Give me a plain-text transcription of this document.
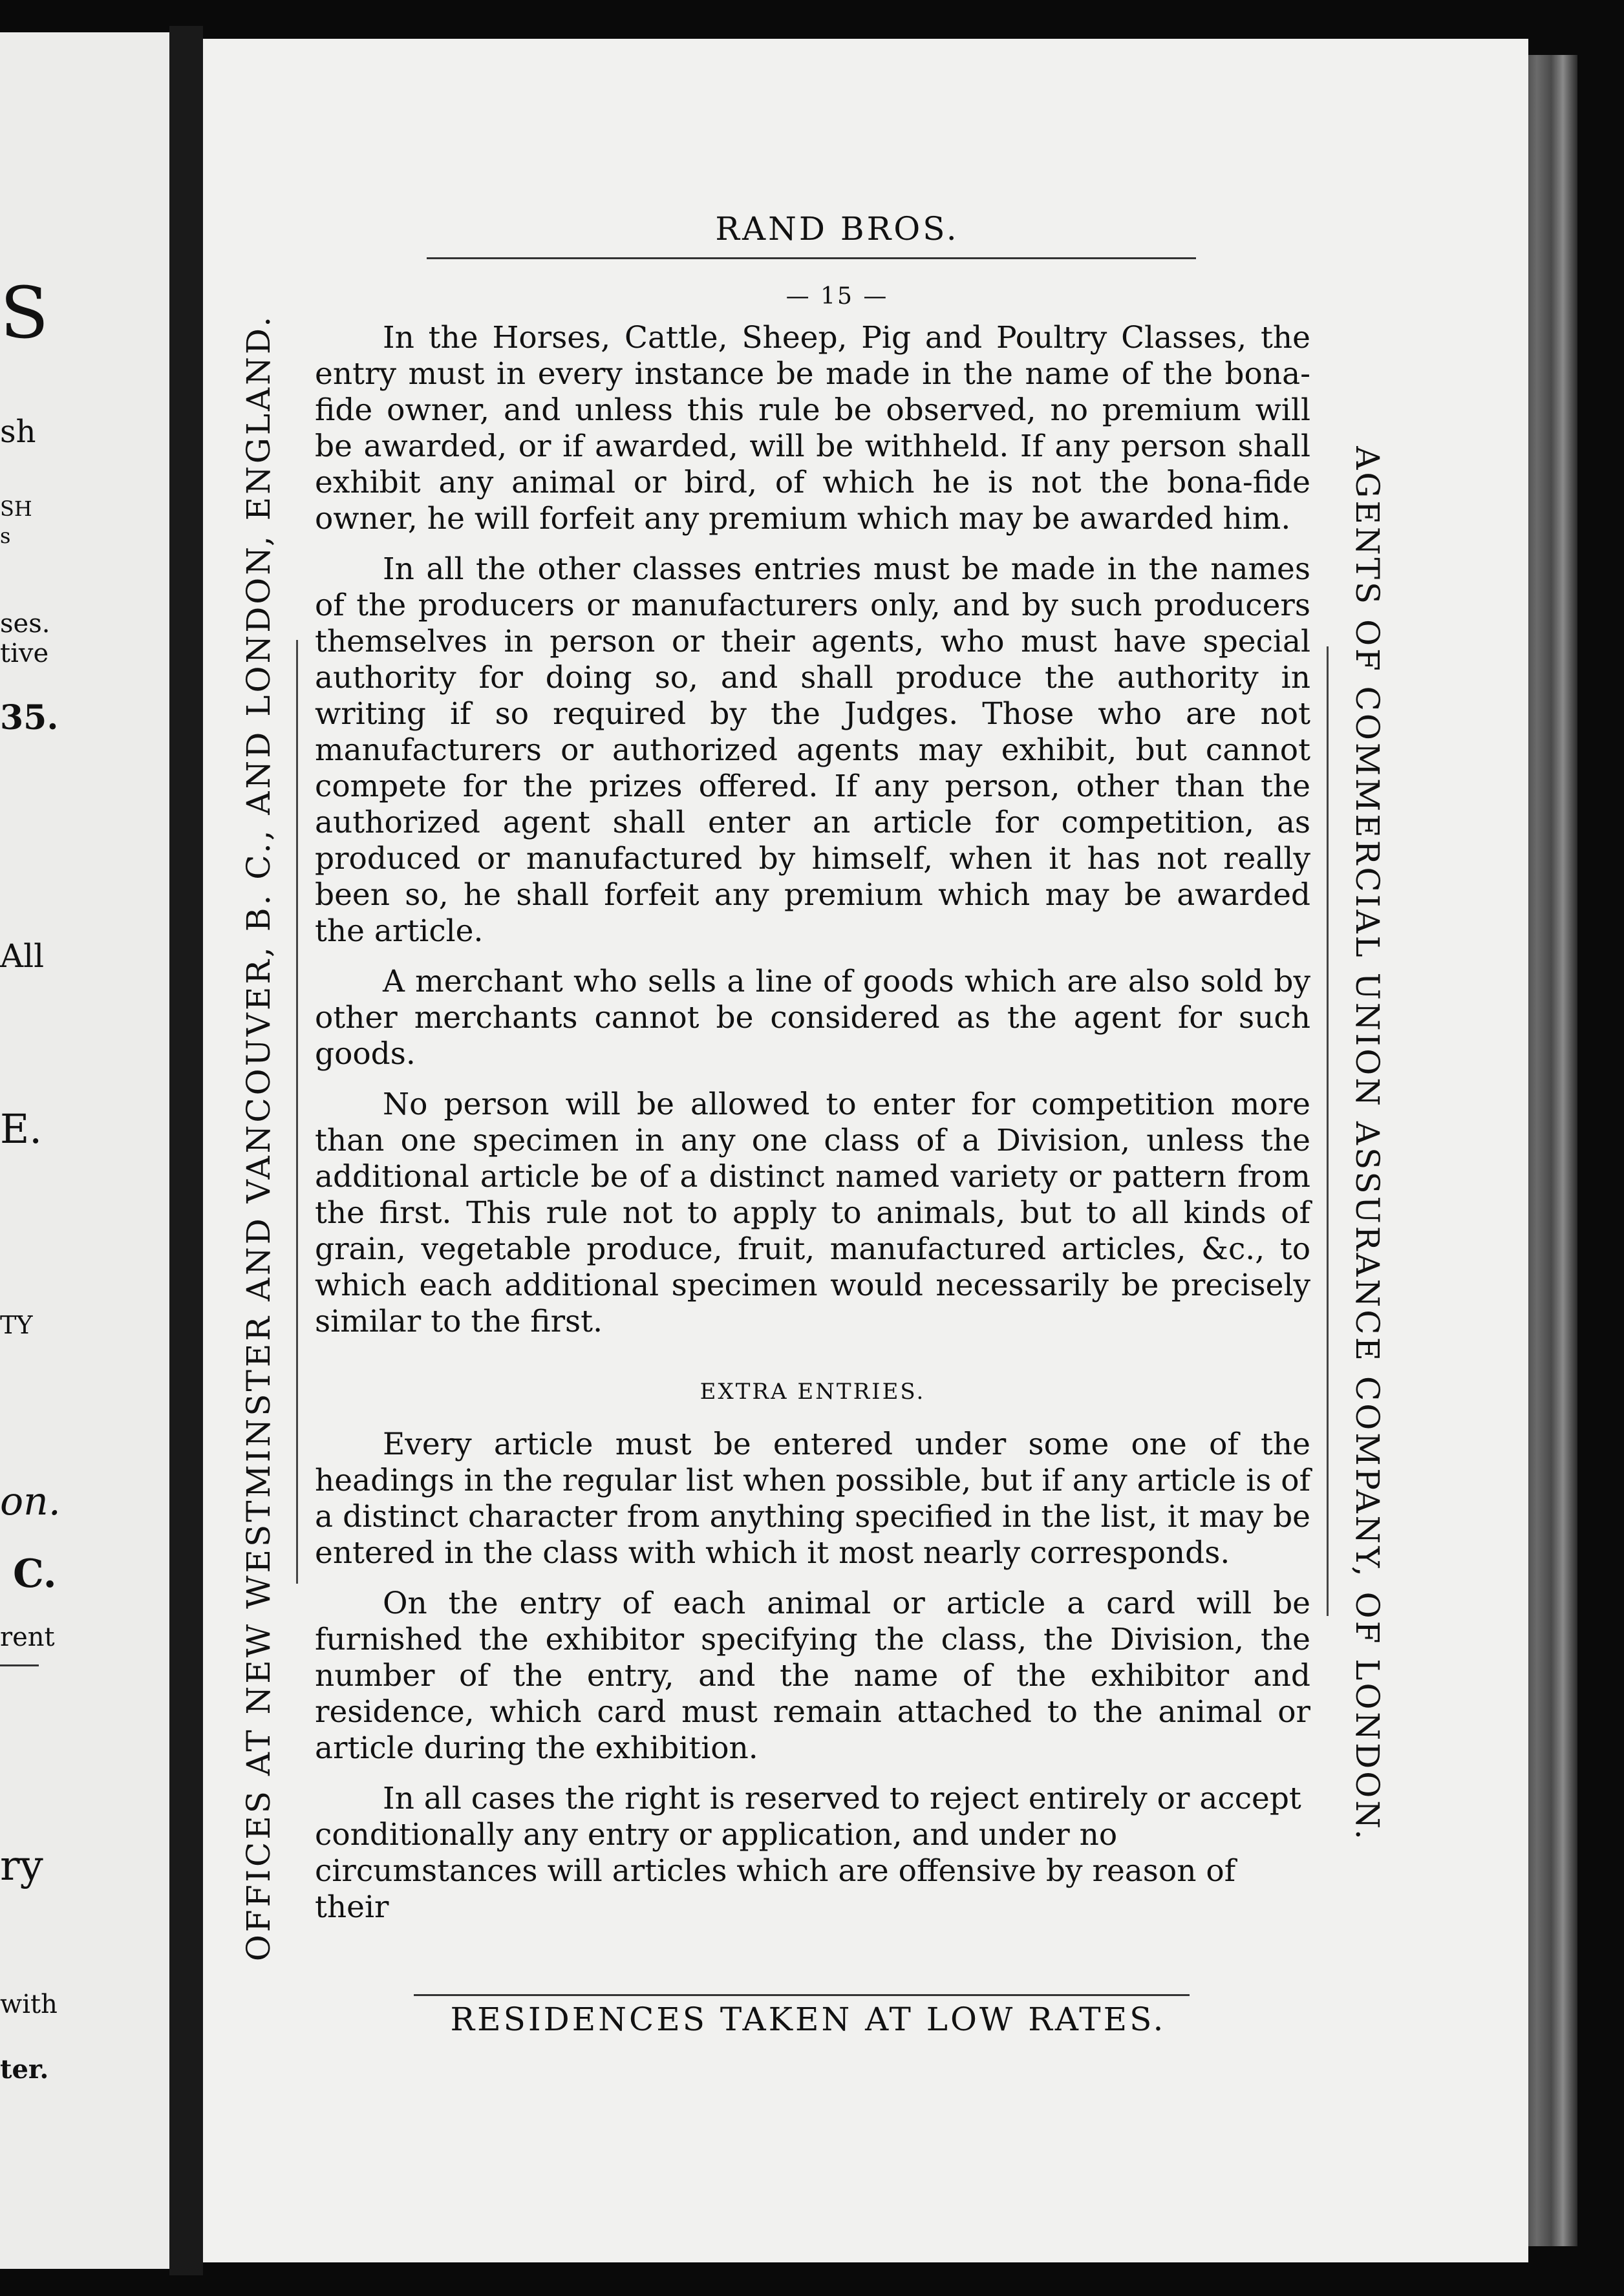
S
sh
SH
s
ses.
tive
35.
All
E.
TY
on.
C.
rent
ry
with
ter.
OFFICES AT NEW WESTMINSTER AND VANCOUVER, B. C., AND LONDON, ENGLAND.	AGENTS OF COMMERCIAL UNION ASSURANCE COMPANY, OF LONDON.
RAND BROS.
— 15 —

In the Horses, Cattle, Sheep, Pig and Poultry Classes, the entry must in every instance be made in the name of the bona-fide owner, and unless this rule be observed, no premium will be awarded, or if awarded, will be withheld. If any person shall exhibit any animal or bird, of which he is not the bona-fide owner, he will forfeit any premium which may be awarded him.

In all the other classes entries must be made in the names of the producers or manufacturers only, and by such producers themselves in person or their agents, who must have special authority for doing so, and shall produce the authority in writing if so required by the Judges. Those who are not manufacturers or authorized agents may exhibit, but cannot compete for the prizes offered. If any person, other than the authorized agent shall enter an article for competition, as produced or manufactured by himself, when it has not really been so, he shall forfeit any premium which may be awarded the article.

A merchant who sells a line of goods which are also sold by other merchants cannot be considered as the agent for such goods.

No person will be allowed to enter for competition more than one specimen in any one class of a Division, unless the additional article be of a distinct named variety or pattern from the first. This rule not to apply to animals, but to all kinds of grain, vegetable produce, fruit, manufactured articles, &c., to which each additional specimen would necessarily be precisely similar to the first.

EXTRA ENTRIES.

Every article must be entered under some one of the headings in the regular list when possible, but if any article is of a distinct character from anything specified in the list, it may be entered in the class with which it most nearly corresponds.

On the entry of each animal or article a card will be furnished the exhibitor specifying the class, the Division, the number of the entry, and the name of the exhibitor and residence, which card must remain attached to the animal or article during the exhibition.

In all cases the right is reserved to reject entirely or accept conditionally any entry or application, and under no circumstances will articles which are offensive by reason of their

RESIDENCES TAKEN AT LOW RATES.
